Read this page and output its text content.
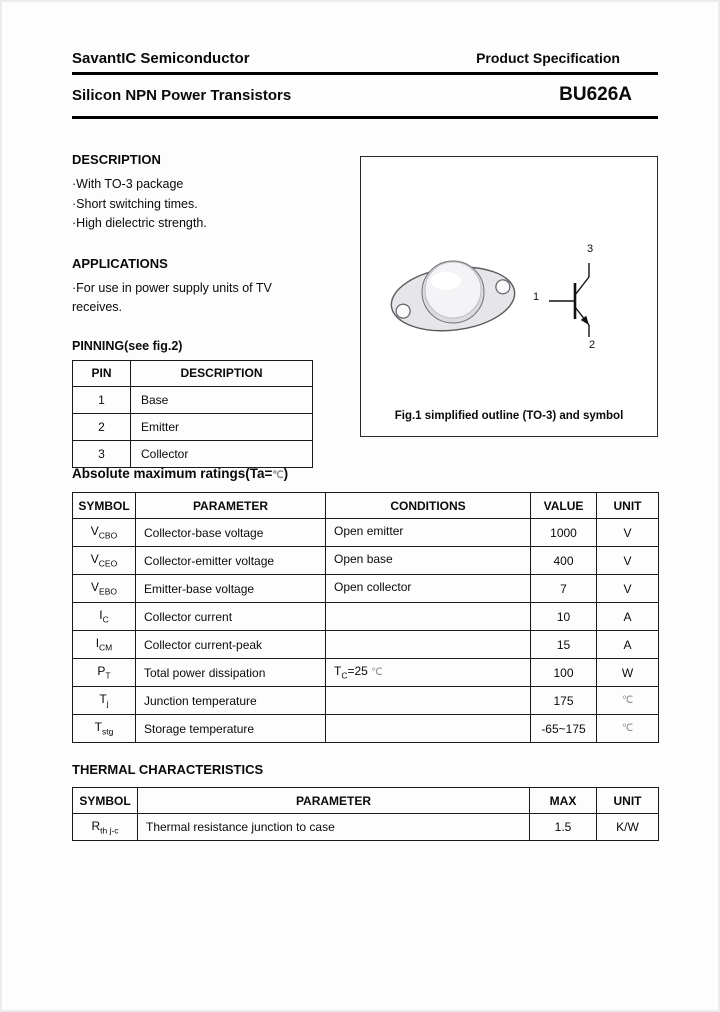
SavantIC Semiconductor	Product Specification
Silicon NPN Power Transistors	BU626A
DESCRIPTION
·With TO-3 package
·Short switching times.
·High dielectric strength.
APPLICATIONS
·For use in power supply units of TV receives.
PINNING(see fig.2)
PIN	DESCRIPTION
1	Base
2	Emitter
3	Collector
3
1
2
Fig.1 simplified outline (TO-3) and symbol
Absolute maximum ratings(Ta=℃)
SYMBOL	PARAMETER	CONDITIONS	VALUE	UNIT
$V_{CBO}$	Collector-base voltage	Open emitter	1000	V
$V_{CEO}$	Collector-emitter voltage	Open base	400	V
$V_{EBO}$	Emitter-base voltage	Open collector	7	V
$I_C$	Collector current		10	A
$I_{CM}$	Collector current-peak		15	A
$P_T$	Total power dissipation	$T_C=25$ ℃	100	W
$T_j$	Junction temperature		175	℃
$T_{stg}$	Storage temperature		-65~175	℃
THERMAL CHARACTERISTICS
SYMBOL	PARAMETER	MAX	UNIT
$R_{th j-c}$	Thermal resistance junction to case	1.5	K/W
